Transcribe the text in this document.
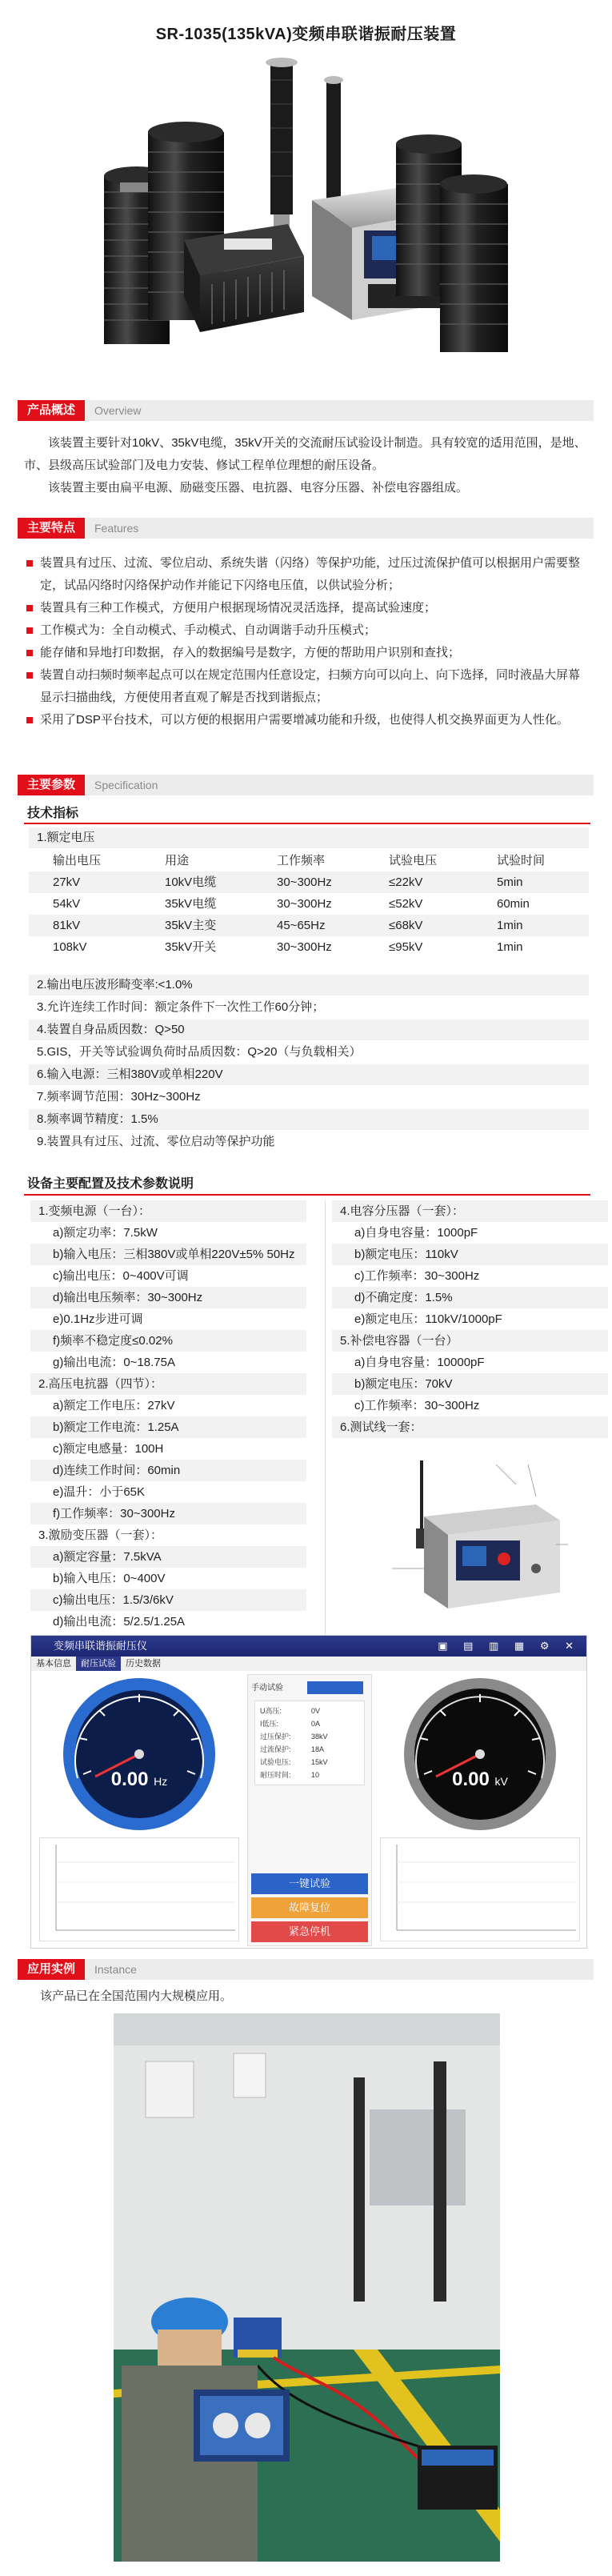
SR-1035(135kVA)变频串联谐振耐压装置
产品概述	Overview

该装置主要针对10kV、35kV电缆，35kV开关的交流耐压试验设计制造。具有较宽的适用范围，是地、市、县级高压试验部门及电力安装、修试工程单位理想的耐压设备。

该装置主要由扁平电源、励磁变压器、电抗器、电容分压器、补偿电容器组成。

主要特点	Features
装置具有过压、过流、零位启动、系统失谐（闪络）等保护功能，过压过流保护值可以根据用户需要整定，试品闪络时闪络保护动作并能记下闪络电压值，以供试验分析；
装置具有三种工作模式，方便用户根据现场情况灵活选择，提高试验速度；
工作模式为：全自动模式、手动模式、自动调谐手动升压模式；
能存储和异地打印数据，存入的数据编号是数字，方便的帮助用户识别和查找；
装置自动扫频时频率起点可以在规定范围内任意设定，扫频方向可以向上、向下选择，同时液晶大屏幕显示扫描曲线，方便使用者直观了解是否找到谐振点；
采用了DSP平台技术，可以方便的根据用户需要增减功能和升级，也使得人机交换界面更为人性化。
主要参数	Specification
技术指标
1.额定电压
输出电压	用途	工作频率	试验电压	试验时间
27kV	10kV电缆	30~300Hz	≤22kV	5min
54kV	35kV电缆	30~300Hz	≤52kV	60min
81kV	35kV主变	45~65Hz	≤68kV	1min
108kV	35kV开关	30~300Hz	≤95kV	1min
2.输出电压波形畸变率:<1.0%
3.允许连续工作时间：额定条件下一次性工作60分钟；
4.装置自身品质因数：Q>50
5.GIS，开关等试验调负荷时品质因数：Q>20（与负载相关）
6.输入电源：三相380V或单相220V
7.频率调节范围：30Hz~300Hz
8.频率调节精度：1.5%
9.装置具有过压、过流、零位启动等保护功能
设备主要配置及技术参数说明
1.变频电源（一台）：
a)额定功率：7.5kW
b)输入电压：三相380V或单相220V±5% 50Hz
c)输出电压：0~400V可调
d)输出电压频率：30~300Hz
e)0.1Hz步进可调
f)频率不稳定度≤0.02%
g)输出电流：0~18.75A
2.高压电抗器（四节）：
a)额定工作电压：27kV
b)额定工作电流：1.25A
c)额定电感量：100H
d)连续工作时间：60min
e)温升：小于65K
f)工作频率：30~300Hz
3.激励变压器（一套）：
a)额定容量：7.5kVA
b)输入电压：0~400V
c)输出电压：1.5/3/6kV
d)输出电流：5/2.5/1.25A
4.电容分压器（一套）：
a)自身电容量：1000pF
b)额定电压：110kV
c)工作频率：30~300Hz
d)不确定度：1.5%
e)额定电压：110kV/1000pF
5.补偿电容器（一台）
a)自身电容量：10000pF
b)额定电压：70kV
c)工作频率：30~300Hz
6.测试线一套：
变频串联谐振耐压仪	▣ ▤ ▥ ▦ ⚙ ✕
基本信息 耐压试验 历史数据
0.00 Hz	0.00 kV
手动试验
U高压:	0V
I低压:	0A
过压保护:	38kV
过流保护:	18A
试验电压:	15kV
耐压时间:	10
一键试验
故障复位
紧急停机
应用实例	Instance
该产品已在全国范围内大规模应用。
